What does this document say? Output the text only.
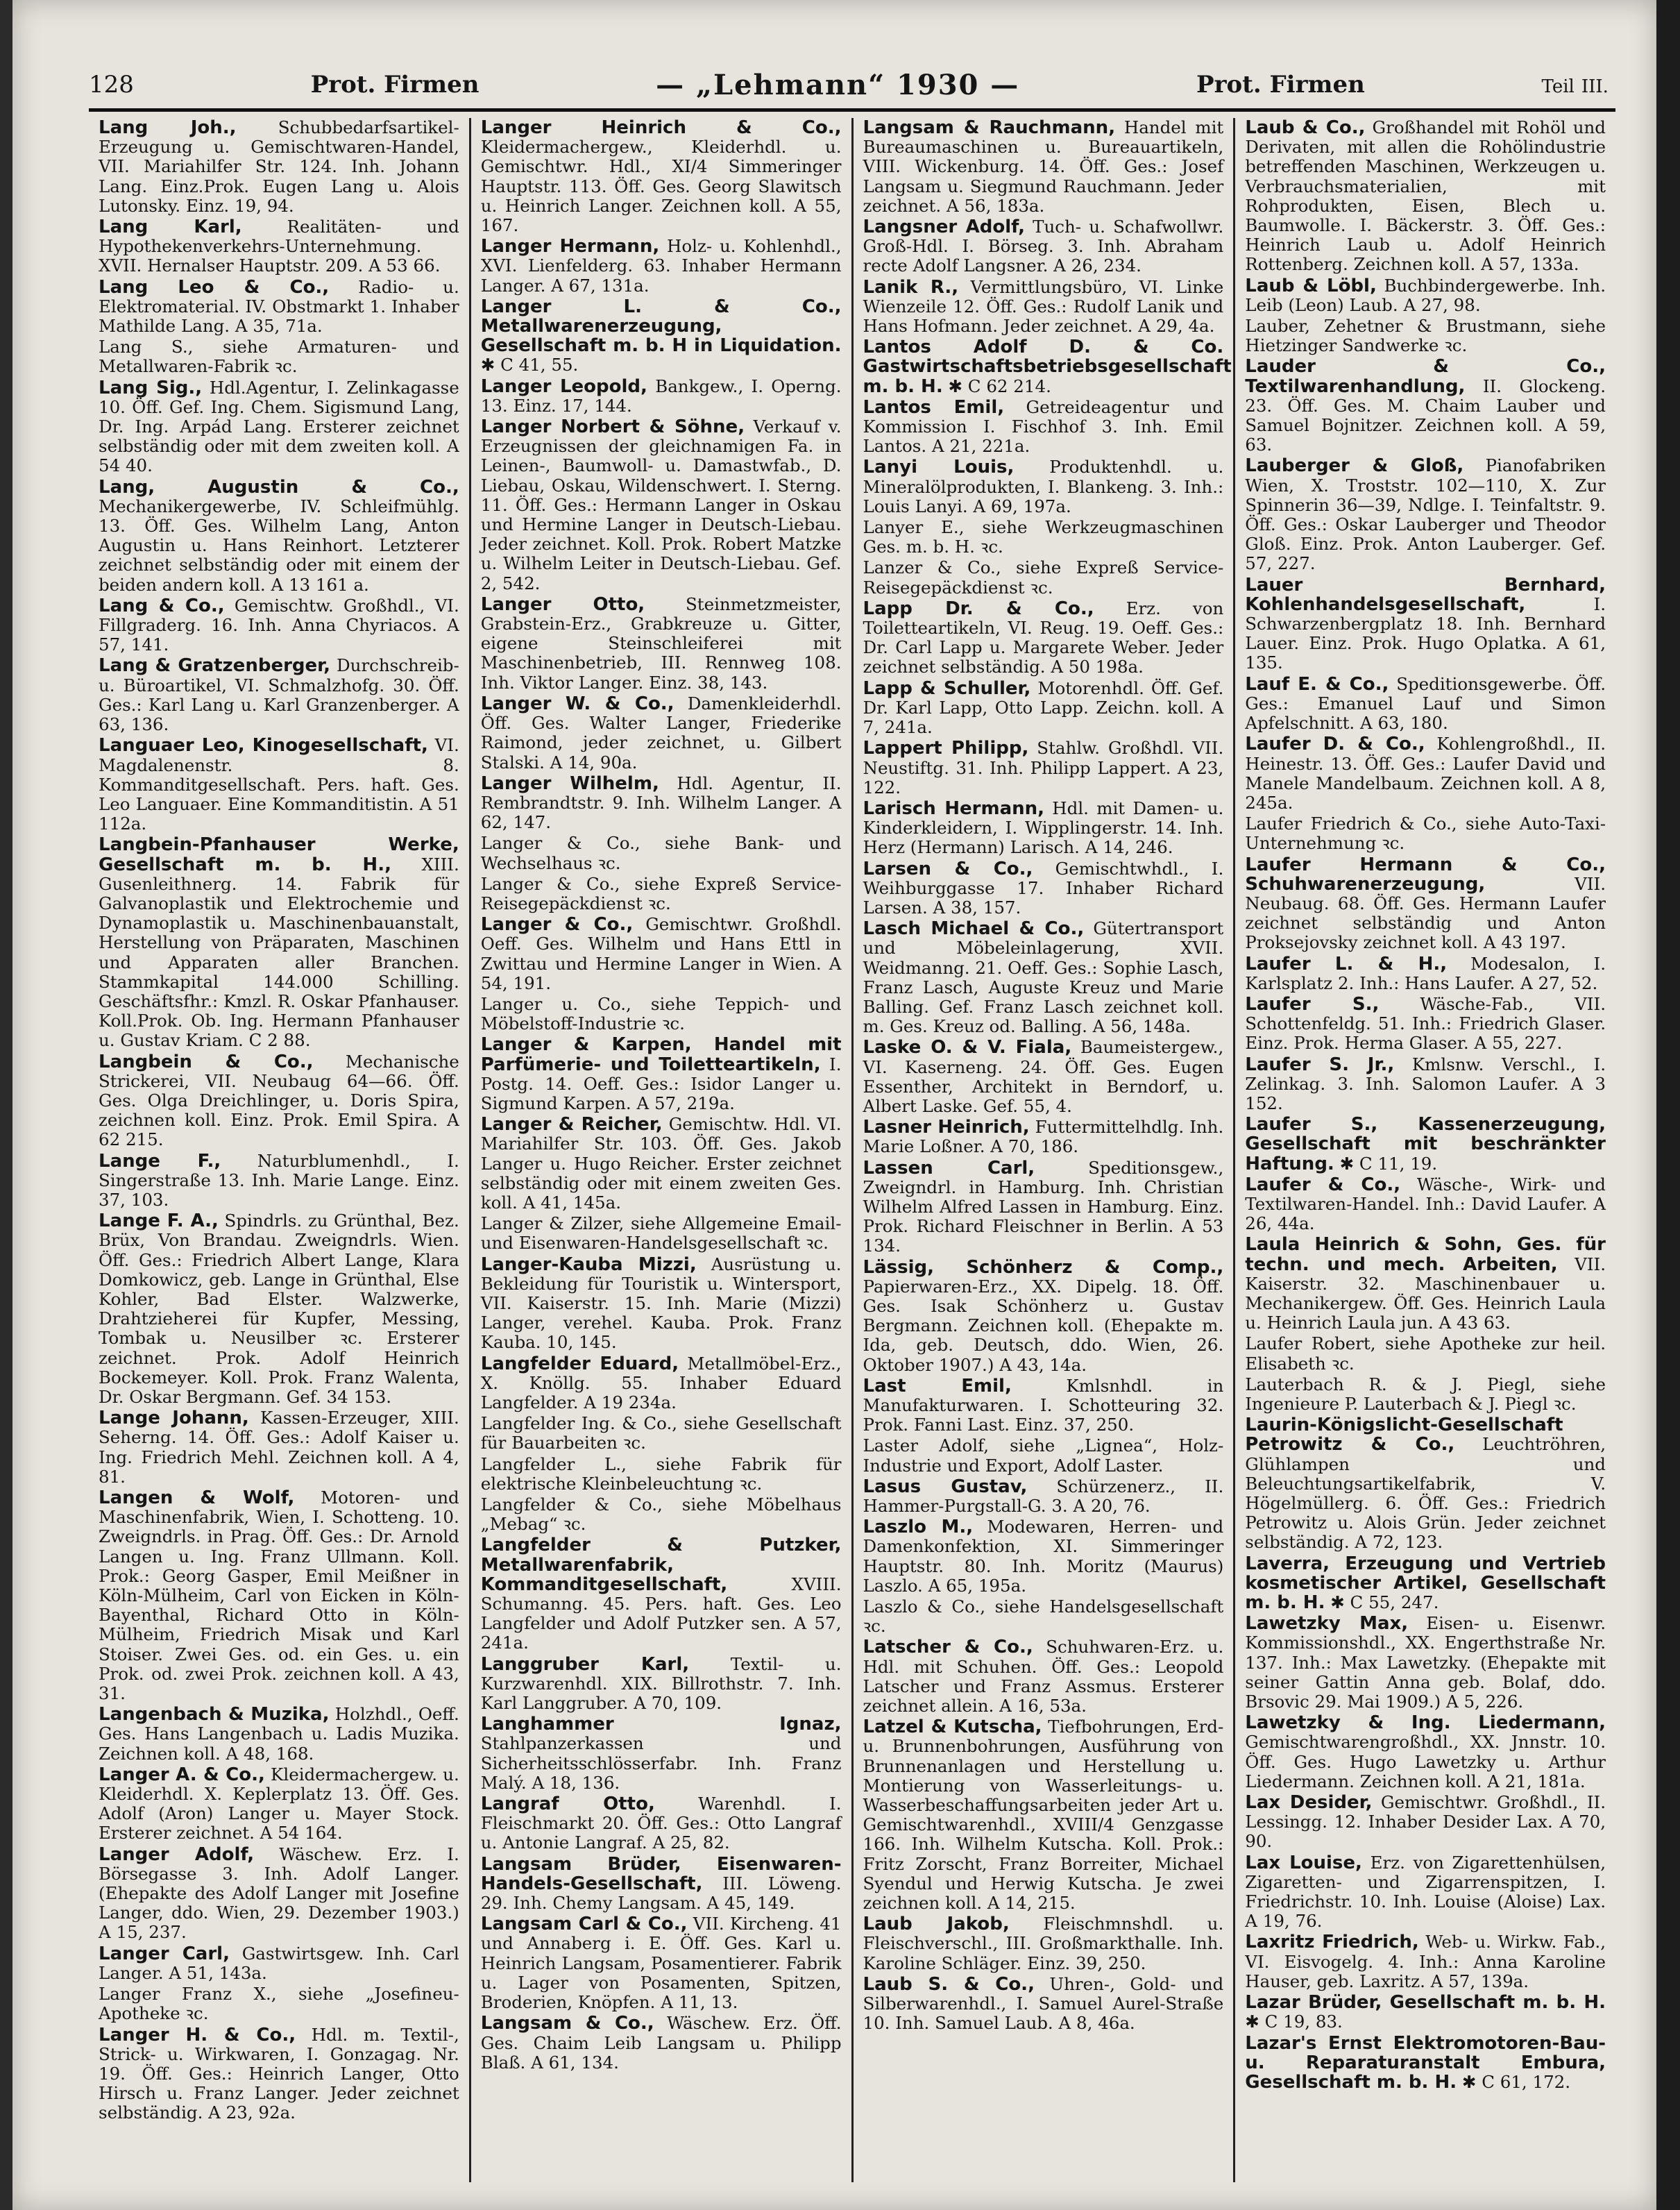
128	Prot. Firmen	— „Lehmann“ 1930 —	Prot. Firmen	Teil III.
Lang Joh., Schubbedarfsartikel-Erzeugung u. Gemischtwaren-Handel, VII. Mariahilfer Str. 124. Inh. Johann Lang. Einz.Prok. Eugen Lang u. Alois Lutonsky. Einz. 19, 94.
Lang Karl, Realitäten- und Hypothekenverkehrs-Unternehmung. XVII. Hernalser Hauptstr. 209. A 53 66.
Lang Leo & Co., Radio- u. Elektromaterial. IV. Obstmarkt 1. Inhaber Mathilde Lang. A 35, 71a.
Lang S., siehe Armaturen- und Metallwaren-Fabrik ꝛc.
Lang Sig., Hdl.Agentur, I. Zelinkagasse 10. Öff. Gef. Ing. Chem. Sigismund Lang, Dr. Ing. Arpád Lang. Ersterer zeichnet selbständig oder mit dem zweiten koll. A 54 40.
Lang, Augustin & Co., Mechanikergewerbe, IV. Schleifmühlg. 13. Öff. Ges. Wilhelm Lang, Anton Augustin u. Hans Reinhort. Letzterer zeichnet selbständig oder mit einem der beiden andern koll. A 13 161 a.
Lang & Co., Gemischtw. Großhdl., VI. Fillgraderg. 16. Inh. Anna Chyriacos. A 57, 141.
Lang & Gratzenberger, Durchschreib- u. Büroartikel, VI. Schmalzhofg. 30. Öff. Ges.: Karl Lang u. Karl Granzenberger. A 63, 136.
Languaer Leo, Kinogesellschaft, VI. Magdalenenstr. 8. Kommanditgesellschaft. Pers. haft. Ges. Leo Languaer. Eine Kommanditistin. A 51 112a.
Langbein-Pfanhauser Werke, Gesellschaft m. b. H., XIII. Gusenleithnerg. 14. Fabrik für Galvanoplastik und Elektrochemie und Dynamoplastik u. Maschinenbauanstalt, Herstellung von Präparaten, Maschinen und Apparaten aller Branchen. Stammkapital 144.000 Schilling. Geschäftsfhr.: Kmzl. R. Oskar Pfanhauser. Koll.Prok. Ob. Ing. Hermann Pfanhauser u. Gustav Kriam. C 2 88.
Langbein & Co., Mechanische Strickerei, VII. Neubaug 64—66. Öff. Ges. Olga Dreichlinger, u. Doris Spira, zeichnen koll. Einz. Prok. Emil Spira. A 62 215.
Lange F., Naturblumenhdl., I. Singerstraße 13. Inh. Marie Lange. Einz. 37, 103.
Lange F. A., Spindrls. zu Grünthal, Bez. Brüx, Von Brandau. Zweigndrls. Wien. Öff. Ges.: Friedrich Albert Lange, Klara Domkowicz, geb. Lange in Grünthal, Else Kohler, Bad Elster. Walzwerke, Drahtzieherei für Kupfer, Messing, Tombak u. Neusilber ꝛc. Ersterer zeichnet. Prok. Adolf Heinrich Bockemeyer. Koll. Prok. Franz Walenta, Dr. Oskar Bergmann. Gef. 34 153.
Lange Johann, Kassen-Erzeuger, XIII. Seherng. 14. Öff. Ges.: Adolf Kaiser u. Ing. Friedrich Mehl. Zeichnen koll. A 4, 81.
Langen & Wolf, Motoren- und Maschinenfabrik, Wien, I. Schotteng. 10. Zweigndrls. in Prag. Öff. Ges.: Dr. Arnold Langen u. Ing. Franz Ullmann. Koll. Prok.: Georg Gasper, Emil Meißner in Köln-Mülheim, Carl von Eicken in Köln-Bayenthal, Richard Otto in Köln-Mülheim, Friedrich Misak und Karl Stoiser. Zwei Ges. od. ein Ges. u. ein Prok. od. zwei Prok. zeichnen koll. A 43, 31.
Langenbach & Muzika, Holzhdl., Oeff. Ges. Hans Langenbach u. Ladis Muzika. Zeichnen koll. A 48, 168.
Langer A. & Co., Kleidermachergew. u. Kleiderhdl. X. Keplerplatz 13. Öff. Ges. Adolf (Aron) Langer u. Mayer Stock. Ersterer zeichnet. A 54 164.
Langer Adolf, Wäschew. Erz. I. Börsegasse 3. Inh. Adolf Langer. (Ehepakte des Adolf Langer mit Josefine Langer, ddo. Wien, 29. Dezember 1903.) A 15, 237.
Langer Carl, Gastwirtsgew. Inh. Carl Langer. A 51, 143a.
Langer Franz X., siehe „Josefineu-Apotheke ꝛc.
Langer H. & Co., Hdl. m. Textil-, Strick- u. Wirkwaren, I. Gonzagag. Nr. 19. Öff. Ges.: Heinrich Langer, Otto Hirsch u. Franz Langer. Jeder zeichnet selbständig. A 23, 92a.
Langer Heinrich & Co., Kleidermachergew., Kleiderhdl. u. Gemischtwr. Hdl., XI/4 Simmeringer Hauptstr. 113. Öff. Ges. Georg Slawitsch u. Heinrich Langer. Zeichnen koll. A 55, 167.
Langer Hermann, Holz- u. Kohlenhdl., XVI. Lienfelderg. 63. Inhaber Hermann Langer. A 67, 131a.
Langer L. & Co., Metallwarenerzeugung, Gesellschaft m. b. H in Liquidation. ✱ C 41, 55.
Langer Leopold, Bankgew., I. Operng. 13. Einz. 17, 144.
Langer Norbert & Söhne, Verkauf v. Erzeugnissen der gleichnamigen Fa. in Leinen-, Baumwoll- u. Damastwfab., D. Liebau, Oskau, Wildenschwert. I. Sterng. 11. Öff. Ges.: Hermann Langer in Oskau und Hermine Langer in Deutsch-Liebau. Jeder zeichnet. Koll. Prok. Robert Matzke u. Wilhelm Leiter in Deutsch-Liebau. Gef. 2, 542.
Langer Otto, Steinmetzmeister, Grabstein-Erz., Grabkreuze u. Gitter, eigene Steinschleiferei mit Maschinenbetrieb, III. Rennweg 108. Inh. Viktor Langer. Einz. 38, 143.
Langer W. & Co., Damenkleiderhdl. Öff. Ges. Walter Langer, Friederike Raimond, jeder zeichnet, u. Gilbert Stalski. A 14, 90a.
Langer Wilhelm, Hdl. Agentur, II. Rembrandtstr. 9. Inh. Wilhelm Langer. A 62, 147.
Langer & Co., siehe Bank- und Wechselhaus ꝛc.
Langer & Co., siehe Expreß Service-Reisegepäckdienst ꝛc.
Langer & Co., Gemischtwr. Großhdl. Oeff. Ges. Wilhelm und Hans Ettl in Zwittau und Hermine Langer in Wien. A 54, 191.
Langer u. Co., siehe Teppich- und Möbelstoff-Industrie ꝛc.
Langer & Karpen, Handel mit Parfümerie- und Toiletteartikeln, I. Postg. 14. Oeff. Ges.: Isidor Langer u. Sigmund Karpen. A 57, 219a.
Langer & Reicher, Gemischtw. Hdl. VI. Mariahilfer Str. 103. Öff. Ges. Jakob Langer u. Hugo Reicher. Erster zeichnet selbständig oder mit einem zweiten Ges. koll. A 41, 145a.
Langer & Zilzer, siehe Allgemeine Email- und Eisenwaren-Handelsgesellschaft ꝛc.
Langer-Kauba Mizzi, Ausrüstung u. Bekleidung für Touristik u. Wintersport, VII. Kaiserstr. 15. Inh. Marie (Mizzi) Langer, verehel. Kauba. Prok. Franz Kauba. 10, 145.
Langfelder Eduard, Metallmöbel-Erz., X. Knöllg. 55. Inhaber Eduard Langfelder. A 19 234a.
Langfelder Ing. & Co., siehe Gesellschaft für Bauarbeiten ꝛc.
Langfelder L., siehe Fabrik für elektrische Kleinbeleuchtung ꝛc.
Langfelder & Co., siehe Möbelhaus „Mebag“ ꝛc.
Langfelder & Putzker, Metallwarenfabrik, Kommanditgesellschaft, XVIII. Schumanng. 45. Pers. haft. Ges. Leo Langfelder und Adolf Putzker sen. A 57, 241a.
Langgruber Karl, Textil- u. Kurzwarenhdl. XIX. Billrothstr. 7. Inh. Karl Langgruber. A 70, 109.
Langhammer Ignaz, Stahlpanzerkassen und Sicherheitsschlösserfabr. Inh. Franz Malý. A 18, 136.
Langraf Otto, Warenhdl. I. Fleischmarkt 20. Öff. Ges.: Otto Langraf u. Antonie Langraf. A 25, 82.
Langsam Brüder, Eisenwaren-Handels-Gesellschaft, III. Löweng. 29. Inh. Chemy Langsam. A 45, 149.
Langsam Carl & Co., VII. Kircheng. 41 und Annaberg i. E. Öff. Ges. Karl u. Heinrich Langsam, Posamentierer. Fabrik u. Lager von Posamenten, Spitzen, Broderien, Knöpfen. A 11, 13.
Langsam & Co., Wäschew. Erz. Öff. Ges. Chaim Leib Langsam u. Philipp Blaß. A 61, 134.
Langsam & Rauchmann, Handel mit Bureaumaschinen u. Bureauartikeln, VIII. Wickenburg. 14. Öff. Ges.: Josef Langsam u. Siegmund Rauchmann. Jeder zeichnet. A 56, 183a.
Langsner Adolf, Tuch- u. Schafwollwr. Groß-Hdl. I. Börseg. 3. Inh. Abraham recte Adolf Langsner. A 26, 234.
Lanik R., Vermittlungsbüro, VI. Linke Wienzeile 12. Öff. Ges.: Rudolf Lanik und Hans Hofmann. Jeder zeichnet. A 29, 4a.
Lantos Adolf D. & Co. Gastwirtschaftsbetriebsgesellschaft m. b. H. ✱ C 62 214.
Lantos Emil, Getreideagentur und Kommission I. Fischhof 3. Inh. Emil Lantos. A 21, 221a.
Lanyi Louis, Produktenhdl. u. Mineralölprodukten, I. Blankeng. 3. Inh.: Louis Lanyi. A 69, 197a.
Lanyer E., siehe Werkzeugmaschinen Ges. m. b. H. ꝛc.
Lanzer & Co., siehe Expreß Service-Reisegepäckdienst ꝛc.
Lapp Dr. & Co., Erz. von Toiletteartikeln, VI. Reug. 19. Oeff. Ges.: Dr. Carl Lapp u. Margarete Weber. Jeder zeichnet selbständig. A 50 198a.
Lapp & Schuller, Motorenhdl. Öff. Gef. Dr. Karl Lapp, Otto Lapp. Zeichn. koll. A 7, 241a.
Lappert Philipp, Stahlw. Großhdl. VII. Neustiftg. 31. Inh. Philipp Lappert. A 23, 122.
Larisch Hermann, Hdl. mit Damen- u. Kinderkleidern, I. Wipplingerstr. 14. Inh. Herz (Hermann) Larisch. A 14, 246.
Larsen & Co., Gemischtwhdl., I. Weihburggasse 17. Inhaber Richard Larsen. A 38, 157.
Lasch Michael & Co., Gütertransport und Möbeleinlagerung, XVII. Weidmanng. 21. Oeff. Ges.: Sophie Lasch, Franz Lasch, Auguste Kreuz und Marie Balling. Gef. Franz Lasch zeichnet koll. m. Ges. Kreuz od. Balling. A 56, 148a.
Laske O. & V. Fiala, Baumeistergew., VI. Kaserneng. 24. Öff. Ges. Eugen Essenther, Architekt in Berndorf, u. Albert Laske. Gef. 55, 4.
Lasner Heinrich, Futtermittelhdlg. Inh. Marie Loßner. A 70, 186.
Lassen Carl, Speditionsgew., Zweigndrl. in Hamburg. Inh. Christian Wilhelm Alfred Lassen in Hamburg. Einz. Prok. Richard Fleischner in Berlin. A 53 134.
Lässig, Schönherz & Comp., Papierwaren-Erz., XX. Dipelg. 18. Öff. Ges. Isak Schönherz u. Gustav Bergmann. Zeichnen koll. (Ehepakte m. Ida, geb. Deutsch, ddo. Wien, 26. Oktober 1907.) A 43, 14a.
Last Emil, Kmlsnhdl. in Manufakturwaren. I. Schotteuring 32. Prok. Fanni Last. Einz. 37, 250.
Laster Adolf, siehe „Lignea“, Holz-Industrie und Export, Adolf Laster.
Lasus Gustav, Schürzenerz., II. Hammer-Purgstall-G. 3. A 20, 76.
Laszlo M., Modewaren, Herren- und Damenkonfektion, XI. Simmeringer Hauptstr. 80. Inh. Moritz (Maurus) Laszlo. A 65, 195a.
Laszlo & Co., siehe Handelsgesellschaft ꝛc.
Latscher & Co., Schuhwaren-Erz. u. Hdl. mit Schuhen. Öff. Ges.: Leopold Latscher und Franz Assmus. Ersterer zeichnet allein. A 16, 53a.
Latzel & Kutscha, Tiefbohrungen, Erd- u. Brunnenbohrungen, Ausführung von Brunnenanlagen und Herstellung u. Montierung von Wasserleitungs- u. Wasserbeschaffungsarbeiten jeder Art u. Gemischtwarenhdl., XVIII/4 Genzgasse 166. Inh. Wilhelm Kutscha. Koll. Prok.: Fritz Zorscht, Franz Borreiter, Michael Syendul und Herwig Kutscha. Je zwei zeichnen koll. A 14, 215.
Laub Jakob, Fleischmnshdl. u. Fleischverschl., III. Großmarkthalle. Inh. Karoline Schläger. Einz. 39, 250.
Laub S. & Co., Uhren-, Gold- und Silberwarenhdl., I. Samuel Aurel-Straße 10. Inh. Samuel Laub. A 8, 46a.
Laub & Co., Großhandel mit Rohöl und Derivaten, mit allen die Rohölindustrie betreffenden Maschinen, Werkzeugen u. Verbrauchsmaterialien, mit Rohprodukten, Eisen, Blech u. Baumwolle. I. Bäckerstr. 3. Öff. Ges.: Heinrich Laub u. Adolf Heinrich Rottenberg. Zeichnen koll. A 57, 133a.
Laub & Löbl, Buchbindergewerbe. Inh. Leib (Leon) Laub. A 27, 98.
Lauber, Zehetner & Brustmann, siehe Hietzinger Sandwerke ꝛc.
Lauder & Co., Textilwarenhandlung, II. Glockeng. 23. Öff. Ges. M. Chaim Lauber und Samuel Bojnitzer. Zeichnen koll. A 59, 63.
Lauberger & Gloß, Pianofabriken Wien, X. Troststr. 102—110, X. Zur Spinnerin 36—39, Ndlge. I. Teinfaltstr. 9. Öff. Ges.: Oskar Lauberger und Theodor Gloß. Einz. Prok. Anton Lauberger. Gef. 57, 227.
Lauer Bernhard, Kohlenhandelsgesellschaft, I. Schwarzenbergplatz 18. Inh. Bernhard Lauer. Einz. Prok. Hugo Oplatka. A 61, 135.
Lauf E. & Co., Speditionsgewerbe. Öff. Ges.: Emanuel Lauf und Simon Apfelschnitt. A 63, 180.
Laufer D. & Co., Kohlengroßhdl., II. Heinestr. 13. Öff. Ges.: Laufer David und Manele Mandelbaum. Zeichnen koll. A 8, 245a.
Laufer Friedrich & Co., siehe Auto-Taxi-Unternehmung ꝛc.
Laufer Hermann & Co., Schuhwarenerzeugung, VII. Neubaug. 68. Öff. Ges. Hermann Laufer zeichnet selbständig und Anton Proksejovsky zeichnet koll. A 43 197.
Laufer L. & H., Modesalon, I. Karlsplatz 2. Inh.: Hans Laufer. A 27, 52.
Laufer S., Wäsche-Fab., VII. Schottenfeldg. 51. Inh.: Friedrich Glaser. Einz. Prok. Herma Glaser. A 55, 227.
Laufer S. Jr., Kmlsnw. Verschl., I. Zelinkag. 3. Inh. Salomon Laufer. A 3 152.
Laufer S., Kassenerzeugung, Gesellschaft mit beschränkter Haftung. ✱ C 11, 19.
Laufer & Co., Wäsche-, Wirk- und Textilwaren-Handel. Inh.: David Laufer. A 26, 44a.
Laula Heinrich & Sohn, Ges. für techn. und mech. Arbeiten, VII. Kaiserstr. 32. Maschinenbauer u. Mechanikergew. Öff. Ges. Heinrich Laula u. Heinrich Laula jun. A 43 63.
Laufer Robert, siehe Apotheke zur heil. Elisabeth ꝛc.
Lauterbach R. & J. Piegl, siehe Ingenieure P. Lauterbach & J. Piegl ꝛc.
Laurin-Königslicht-Gesellschaft Petrowitz & Co., Leuchtröhren, Glühlampen und Beleuchtungsartikelfabrik, V. Högelmüllerg. 6. Öff. Ges.: Friedrich Petrowitz u. Alois Grün. Jeder zeichnet selbständig. A 72, 123.
Laverra, Erzeugung und Vertrieb kosmetischer Artikel, Gesellschaft m. b. H. ✱ C 55, 247.
Lawetzky Max, Eisen- u. Eisenwr. Kommissionshdl., XX. Engerthstraße Nr. 137. Inh.: Max Lawetzky. (Ehepakte mit seiner Gattin Anna geb. Bolaf, ddo. Brsovic 29. Mai 1909.) A 5, 226.
Lawetzky & Ing. Liedermann, Gemischtwarengroßhdl., XX. Jnnstr. 10. Öff. Ges. Hugo Lawetzky u. Arthur Liedermann. Zeichnen koll. A 21, 181a.
Lax Desider, Gemischtwr. Großhdl., II. Lessingg. 12. Inhaber Desider Lax. A 70, 90.
Lax Louise, Erz. von Zigarettenhülsen, Zigaretten- und Zigarrenspitzen, I. Friedrichstr. 10. Inh. Louise (Aloise) Lax. A 19, 76.
Laxritz Friedrich, Web- u. Wirkw. Fab., VI. Eisvogelg. 4. Inh.: Anna Karoline Hauser, geb. Laxritz. A 57, 139a.
Lazar Brüder, Gesellschaft m. b. H. ✱ C 19, 83.
Lazar's Ernst Elektromotoren-Bau- u. Reparaturanstalt Embura, Gesellschaft m. b. H. ✱ C 61, 172.
